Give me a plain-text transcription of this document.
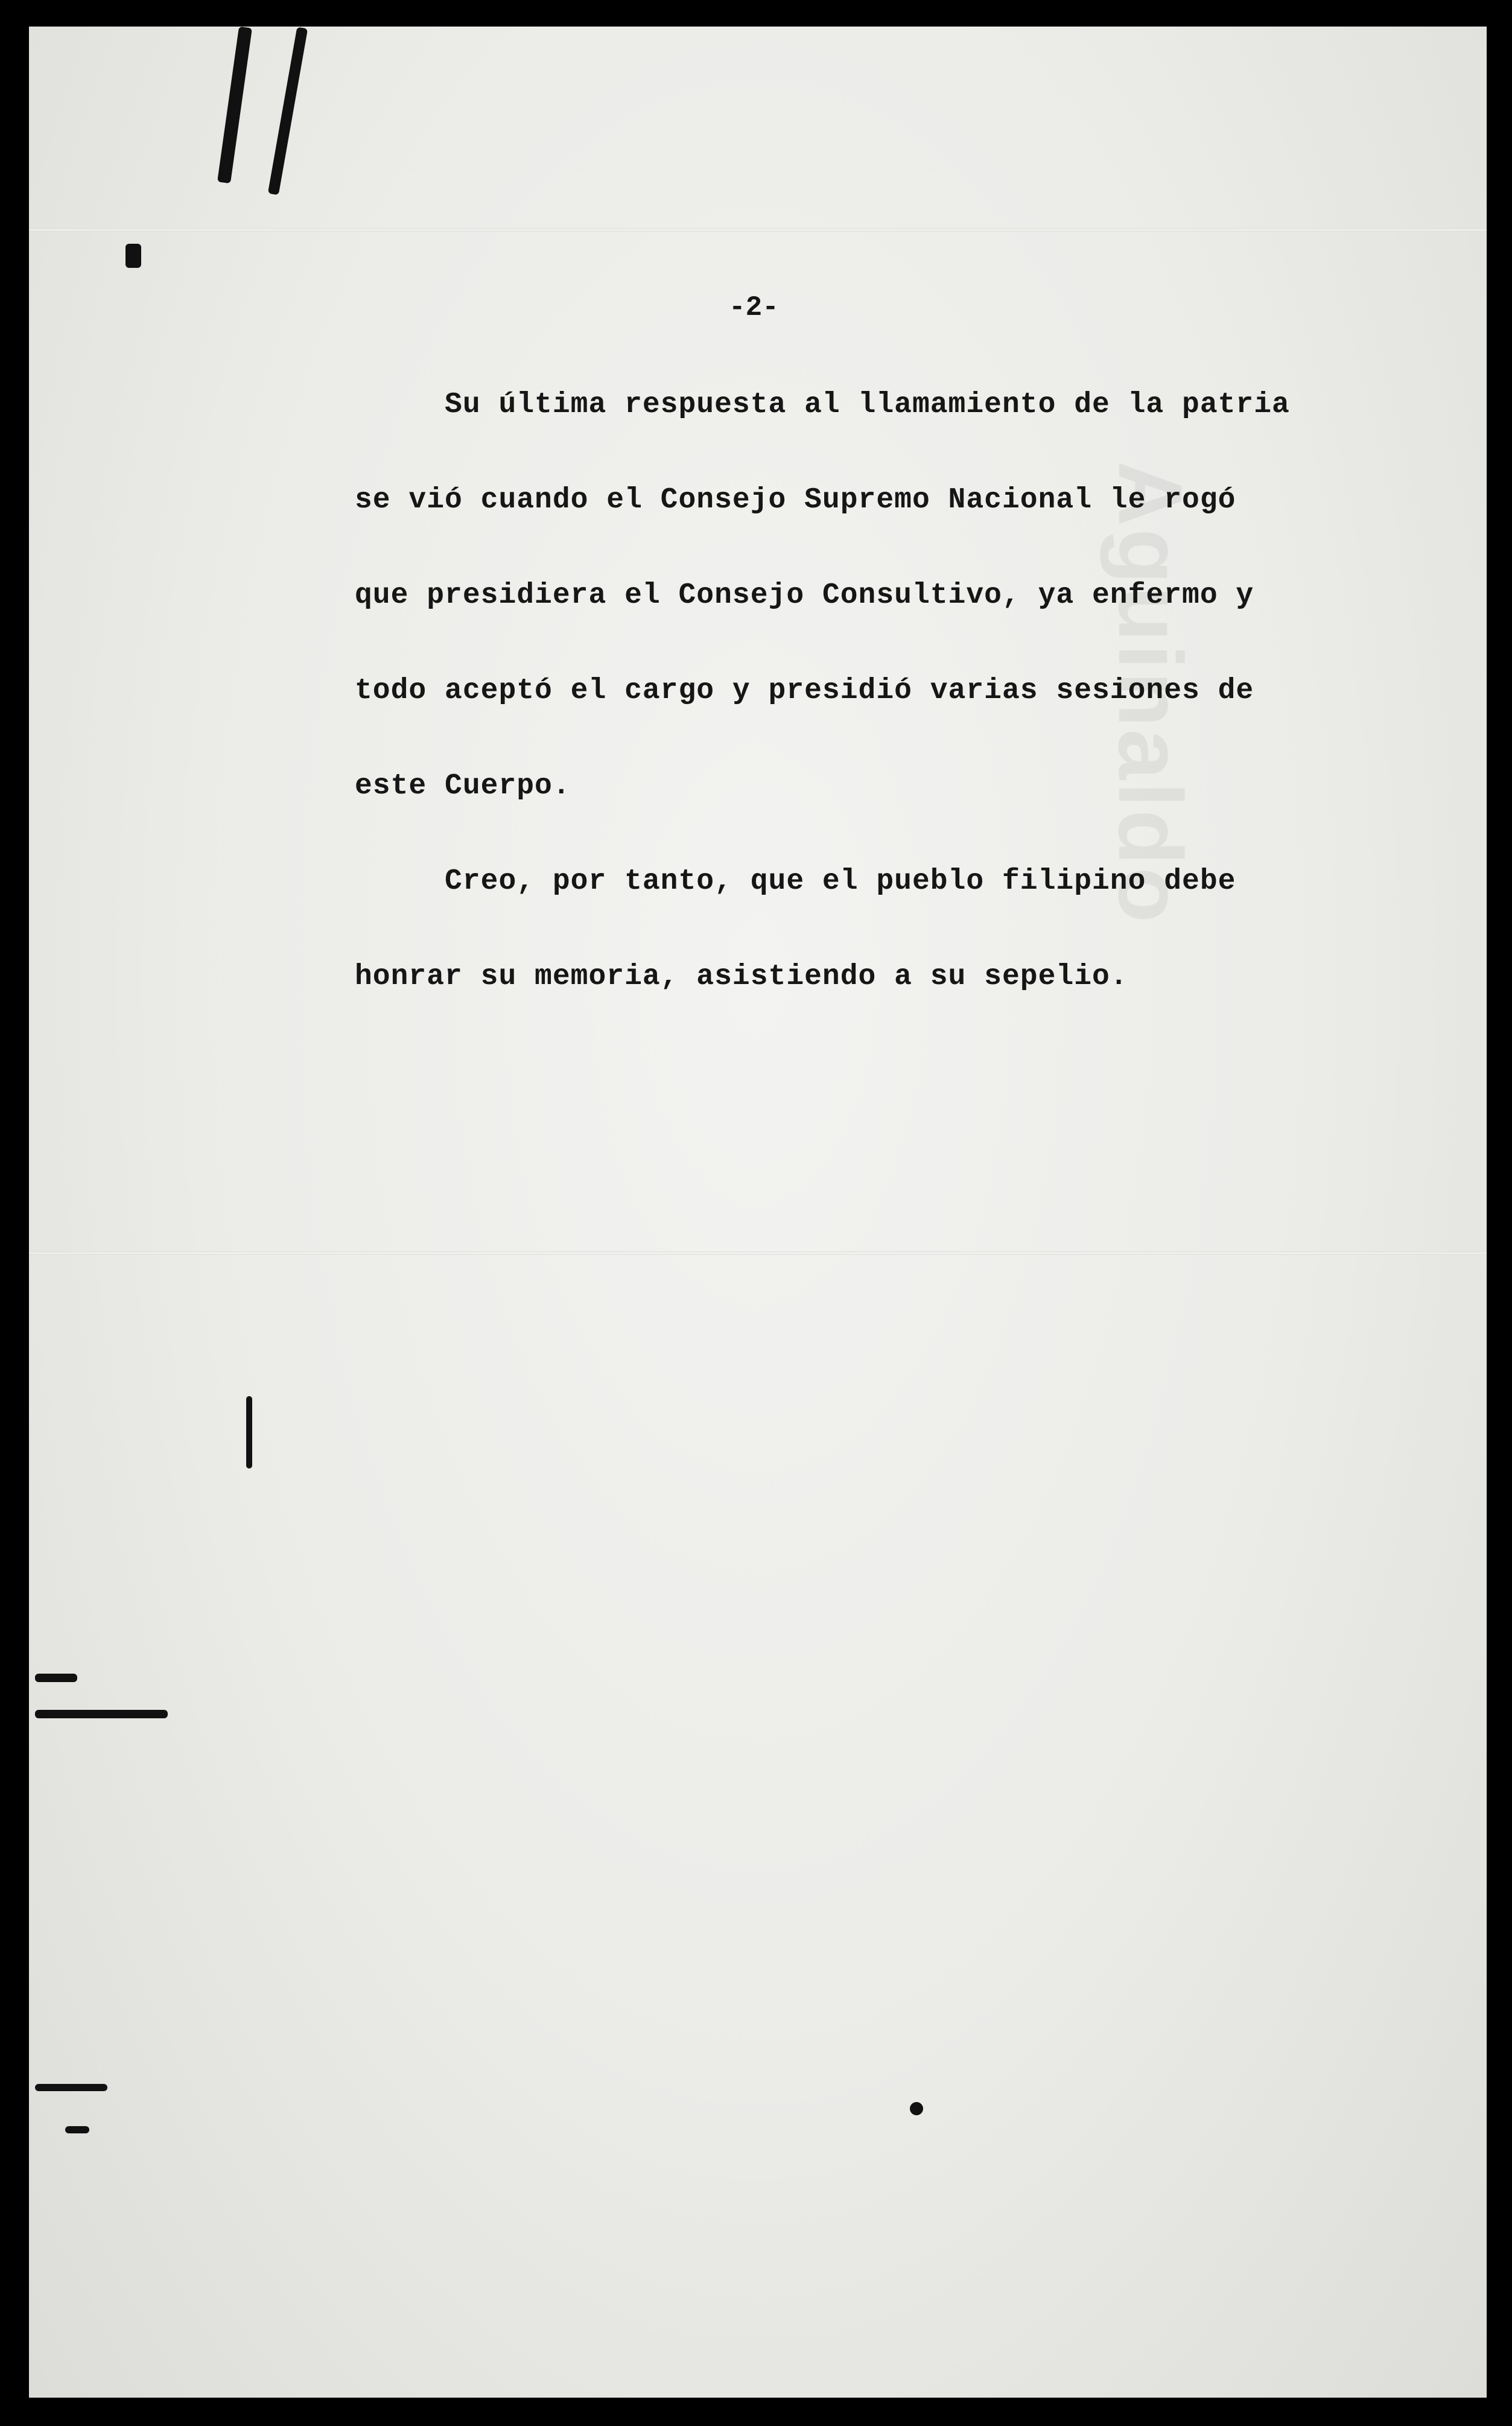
Aguinaldo
-2-
Su última respuesta al llamamiento de la patria
se vió cuando el Consejo Supremo Nacional le rogó
que presidiera el Consejo Consultivo, ya enfermo y
todo aceptó el cargo y presidió varias sesiones de
este Cuerpo.
Creo, por tanto, que el pueblo filipino debe
honrar su memoria, asistiendo a su sepelio.
